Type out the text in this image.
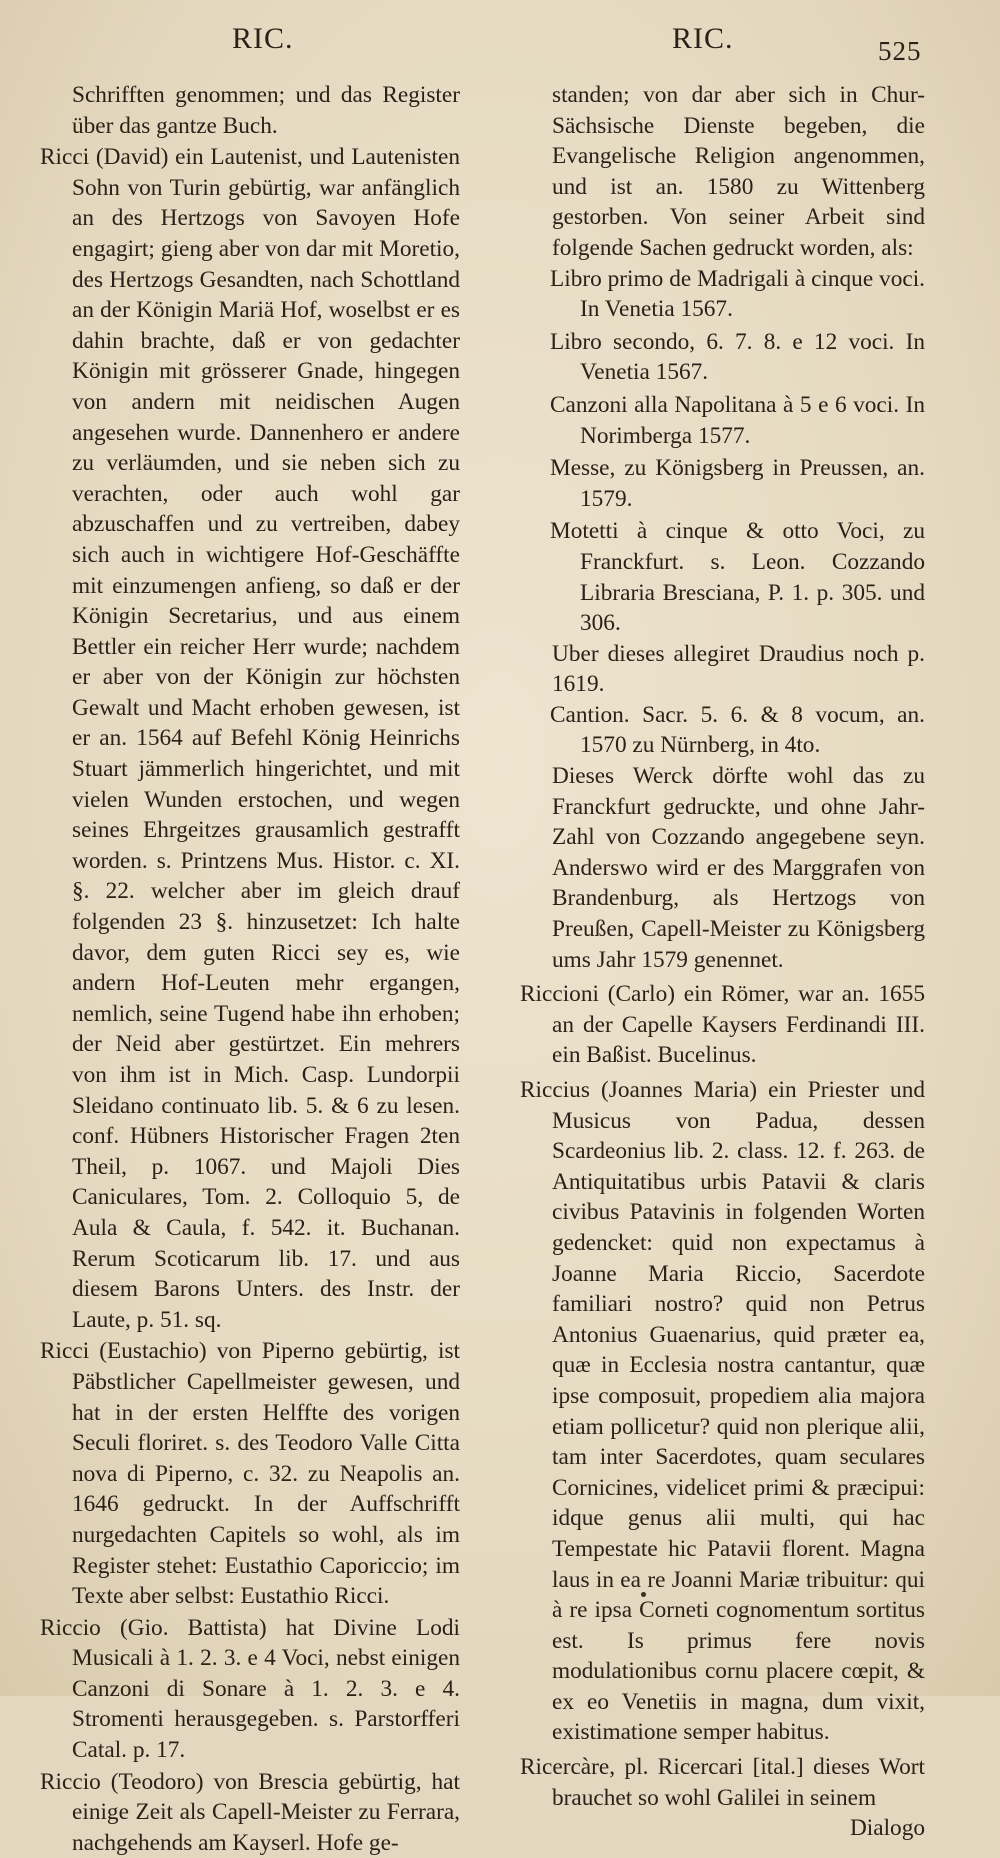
RIC.	RIC.	525

Schrifften genommen; und das Register über das gantze Buch.

Ricci (David) ein Lautenist, und Lautenisten Sohn von Turin gebürtig, war anfänglich an des Hertzogs von Savoyen Hofe engagirt; gieng aber von dar mit Moretio, des Hertzogs Gesandten, nach Schottland an der Königin Mariä Hof, woselbst er es dahin brachte, daß er von gedachter Königin mit grösserer Gnade, hingegen von andern mit neidischen Augen angesehen wurde. Dannenhero er andere zu verläumden, und sie neben sich zu verachten, oder auch wohl gar abzuschaffen und zu vertreiben, dabey sich auch in wichtigere Hof-Geschäffte mit einzumengen anfieng, so daß er der Königin Secretarius, und aus einem Bettler ein reicher Herr wurde; nachdem er aber von der Königin zur höchsten Gewalt und Macht erhoben gewesen, ist er an. 1564 auf Befehl König Heinrichs Stuart jämmerlich hingerichtet, und mit vielen Wunden erstochen, und wegen seines Ehrgeitzes grausamlich gestrafft worden. s. Printzens Mus. Histor. c. XI. §. 22. welcher aber im gleich drauf folgenden 23 §. hinzusetzet: Ich halte davor, dem guten Ricci sey es, wie andern Hof-Leuten mehr ergangen, nemlich, seine Tugend habe ihn erhoben; der Neid aber gestürtzet. Ein mehrers von ihm ist in Mich. Casp. Lundorpii Sleidano continuato lib. 5. & 6 zu lesen. conf. Hübners Historischer Fragen 2ten Theil, p. 1067. und Majoli Dies Caniculares, Tom. 2. Colloquio 5, de Aula & Caula, f. 542. it. Buchanan. Rerum Scoticarum lib. 17. und aus diesem Barons Unters. des Instr. der Laute, p. 51. sq.

Ricci (Eustachio) von Piperno gebürtig, ist Päbstlicher Capellmeister gewesen, und hat in der ersten Helffte des vorigen Seculi floriret. s. des Teodoro Valle Citta nova di Piperno, c. 32. zu Neapolis an. 1646 gedruckt. In der Auffschrifft nurgedachten Capitels so wohl, als im Register stehet: Eustathio Caporiccio; im Texte aber selbst: Eustathio Ricci.

Riccio (Gio. Battista) hat Divine Lodi Musicali à 1. 2. 3. e 4 Voci, nebst einigen Canzoni di Sonare à 1. 2. 3. e 4. Stromenti herausgegeben. s. Parstorfferi Catal. p. 17.

Riccio (Teodoro) von Brescia gebürtig, hat einige Zeit als Capell-Meister zu Ferrara, nachgehends am Kayserl. Hofe ge-

standen; von dar aber sich in Chur-Sächsische Dienste begeben, die Evangelische Religion angenommen, und ist an. 1580 zu Wittenberg gestorben. Von seiner Arbeit sind folgende Sachen gedruckt worden, als:

Libro primo de Madrigali à cinque voci. In Venetia 1567.

Libro secondo, 6. 7. 8. e 12 voci. In Venetia 1567.

Canzoni alla Napolitana à 5 e 6 voci. In Norimberga 1577.

Messe, zu Königsberg in Preussen, an. 1579.

Motetti à cinque & otto Voci, zu Franckfurt. s. Leon. Cozzando Libraria Bresciana, P. 1. p. 305. und 306.

Uber dieses allegiret Draudius noch p. 1619.

Cantion. Sacr. 5. 6. & 8 vocum, an. 1570 zu Nürnberg, in 4to.

Dieses Werck dörfte wohl das zu Franckfurt gedruckte, und ohne Jahr-Zahl von Cozzando angegebene seyn. Anderswo wird er des Marggrafen von Brandenburg, als Hertzogs von Preußen, Capell-Meister zu Königsberg ums Jahr 1579 genennet.

Riccioni (Carlo) ein Römer, war an. 1655 an der Capelle Kaysers Ferdinandi III. ein Baßist. Bucelinus.

Riccius (Joannes Maria) ein Priester und Musicus von Padua, dessen Scardeonius lib. 2. class. 12. f. 263. de Antiquitatibus urbis Patavii & claris civibus Patavinis in folgenden Worten gedencket: quid non expectamus à Joanne Maria Riccio, Sacerdote familiari nostro? quid non Petrus Antonius Guaenarius, quid præter ea, quæ in Ecclesia nostra cantantur, quæ ipse composuit, propediem alia majora etiam pollicetur? quid non plerique alii, tam inter Sacerdotes, quam seculares Cornicines, videlicet primi & præcipui: idque genus alii multi, qui hac Tempestate hic Patavii florent. Magna laus in ea re Joanni Mariæ tribuitur: qui à re ipsa Corneti cognomentum sortitus est. Is primus fere novis modulationibus cornu placere cœpit, & ex eo Venetiis in magna, dum vixit, existimatione semper habitus.

Ricercàre, pl. Ricercari [ital.] dieses Wort brauchet so wohl Galilei in seinem

Dialogo
